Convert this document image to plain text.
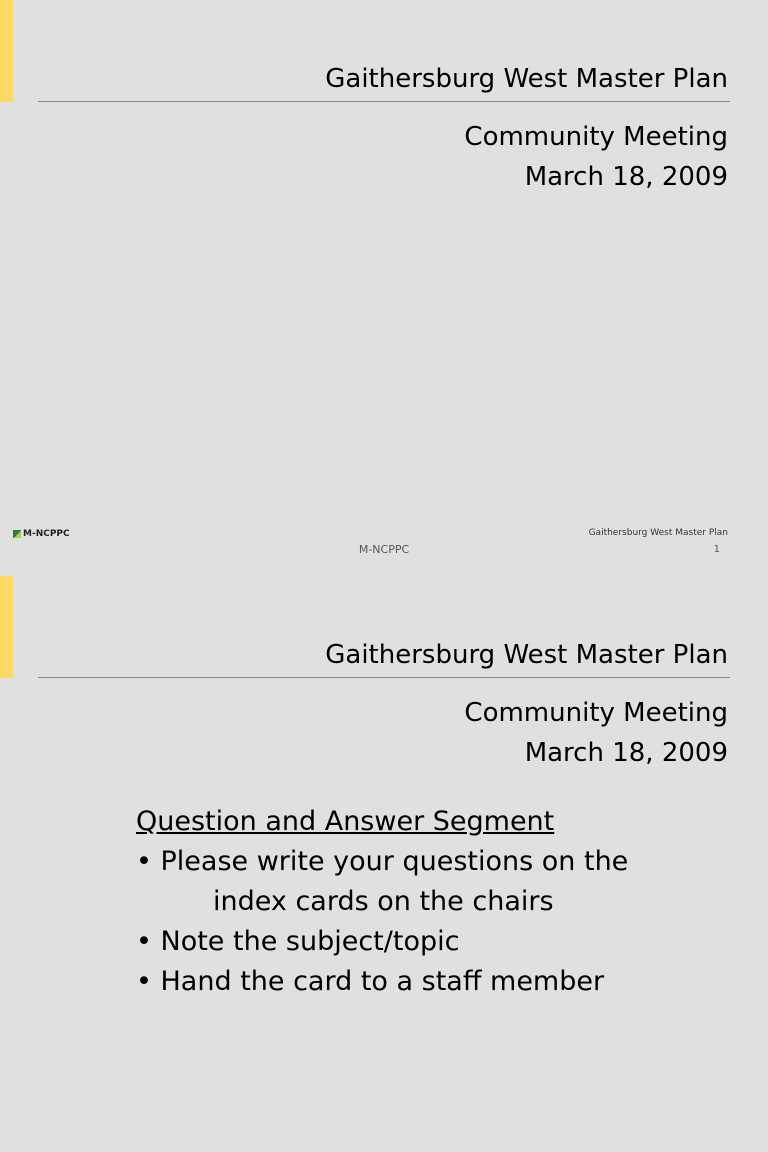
Gaithersburg West Master Plan
Community Meeting
March 18, 2009
M-NCPPC	Gaithersburg West Master Plan
M-NCPPC	1
Gaithersburg West Master Plan
Community Meeting
March 18, 2009
Question and Answer Segment
• Please write your questions on the
index cards on the chairs
• Note the subject/topic
• Hand the card to a staff member
